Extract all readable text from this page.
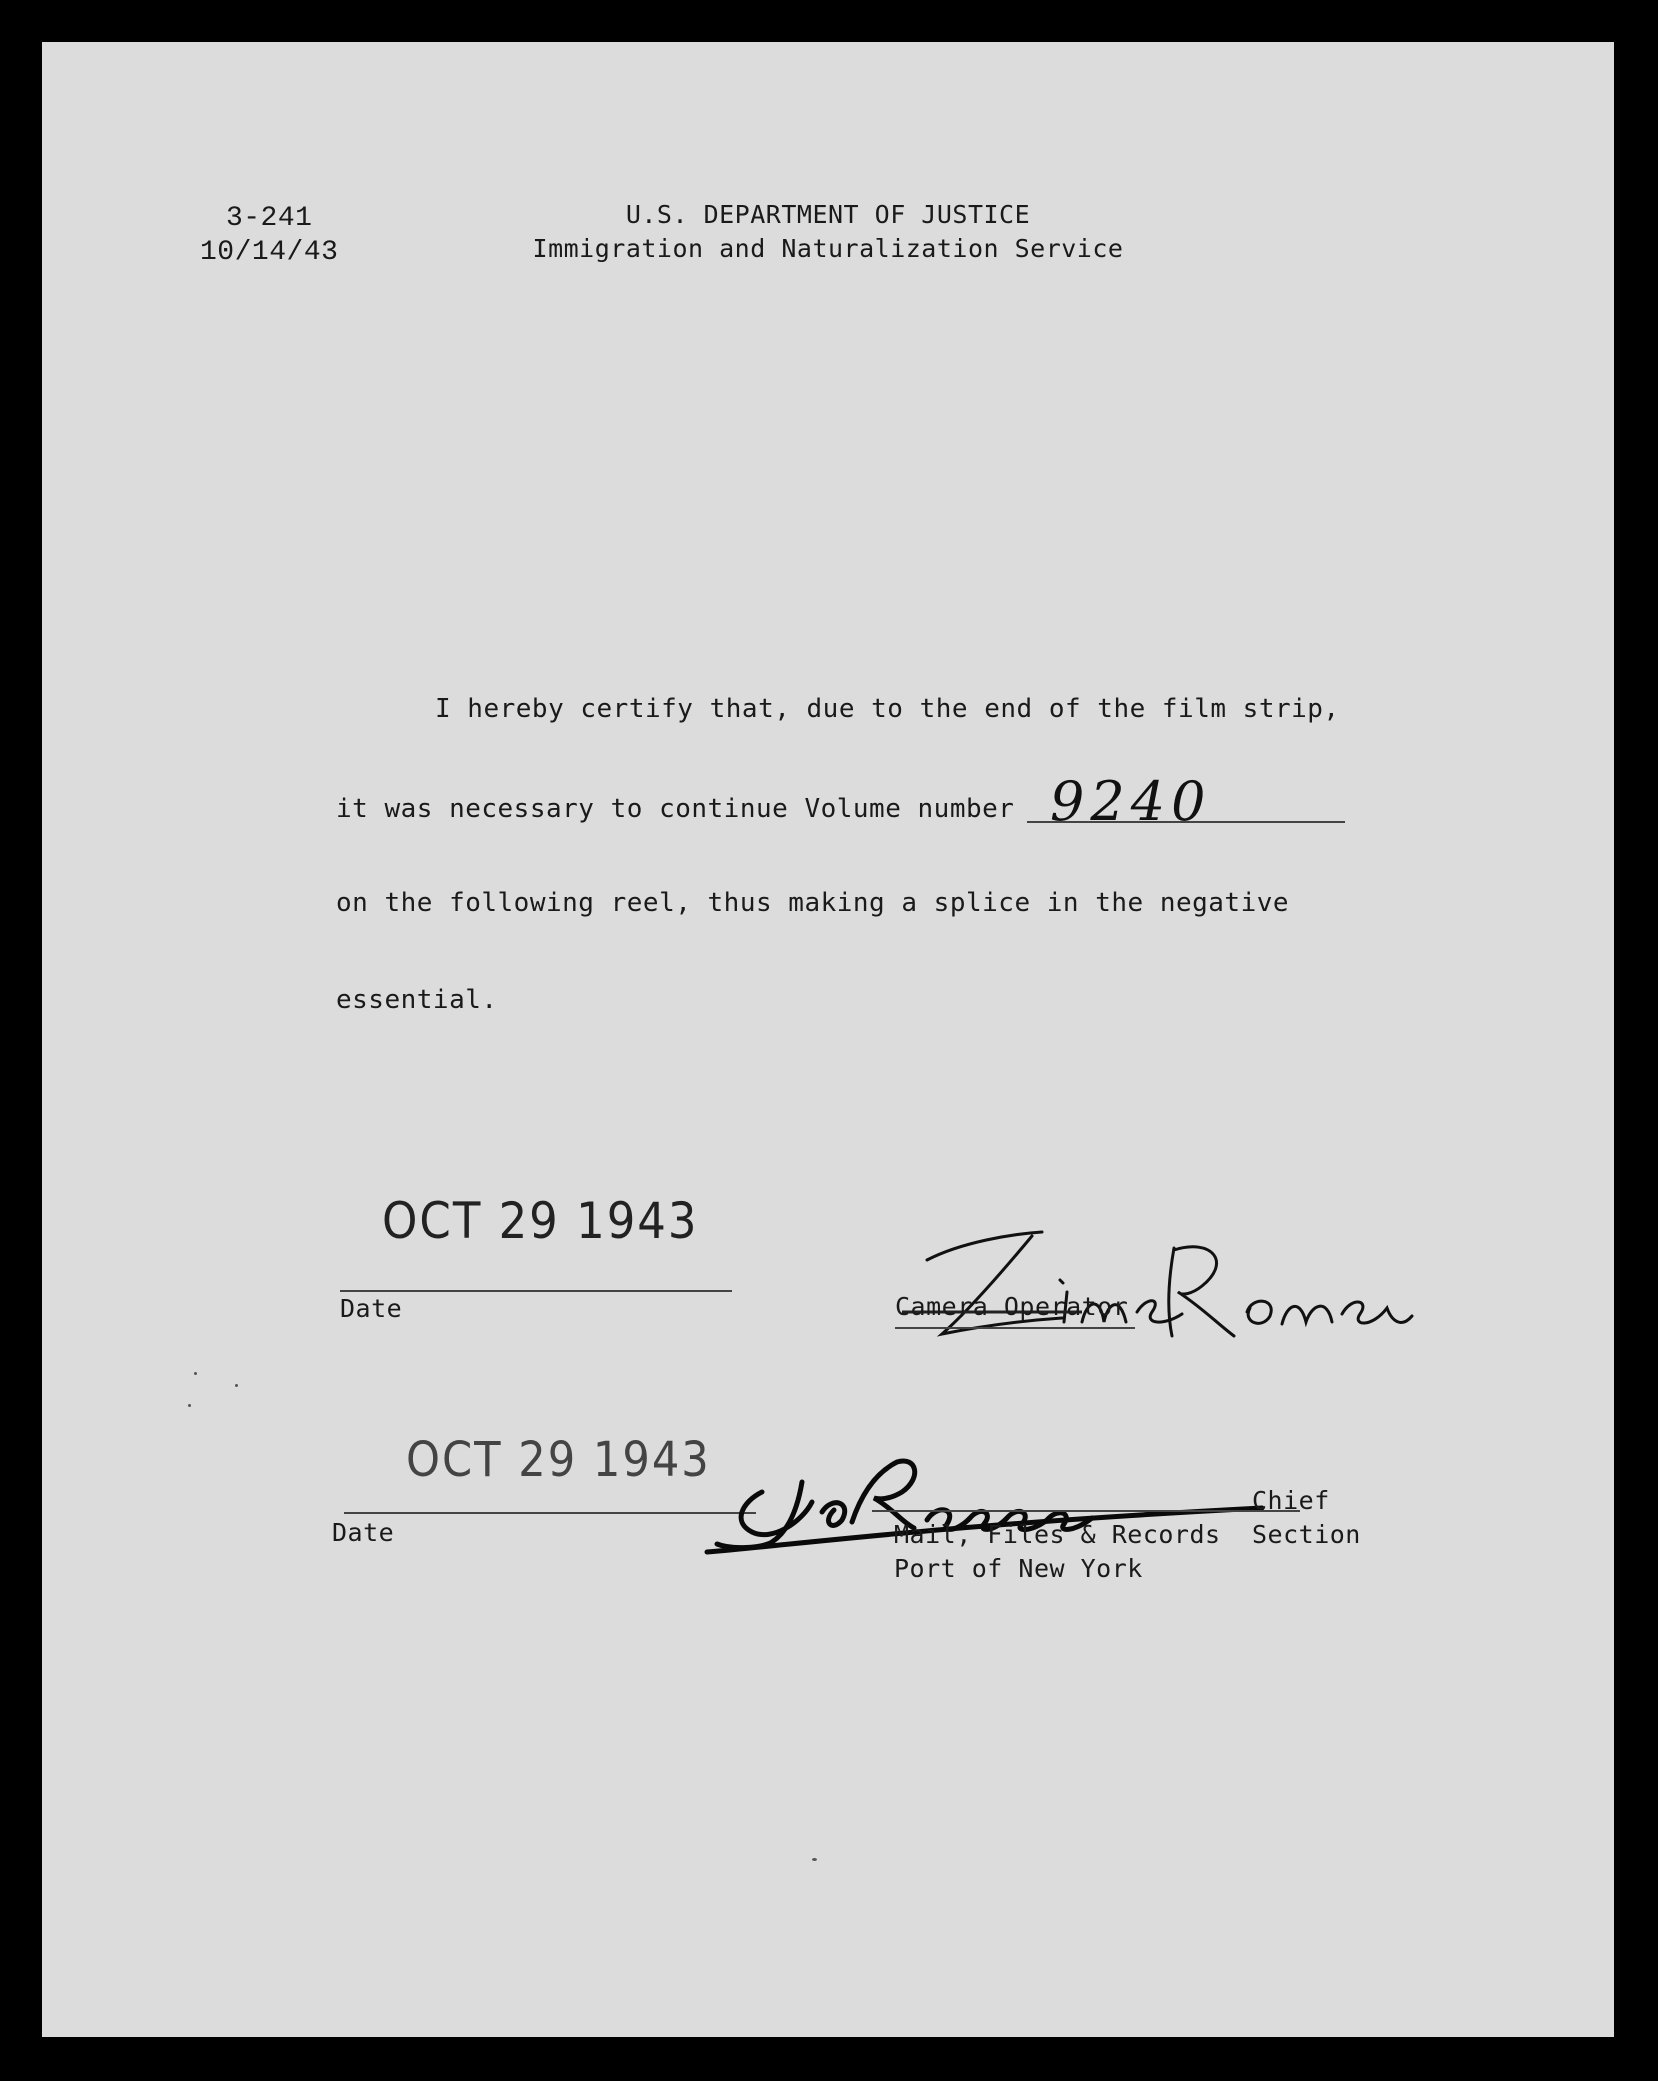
3-241
10/14/43
U.S. DEPARTMENT OF JUSTICE
Immigration and Naturalization Service
I hereby certify that, due to the end of the film strip,
it was necessary to continue Volume number 9240
on the following reel, thus making a splice in the negative
essential.
OCT 29 1943
Date	Camera Operator
OCT 29 1943
Date
Chief
Section
Mail, Files & Records
Port of New York
